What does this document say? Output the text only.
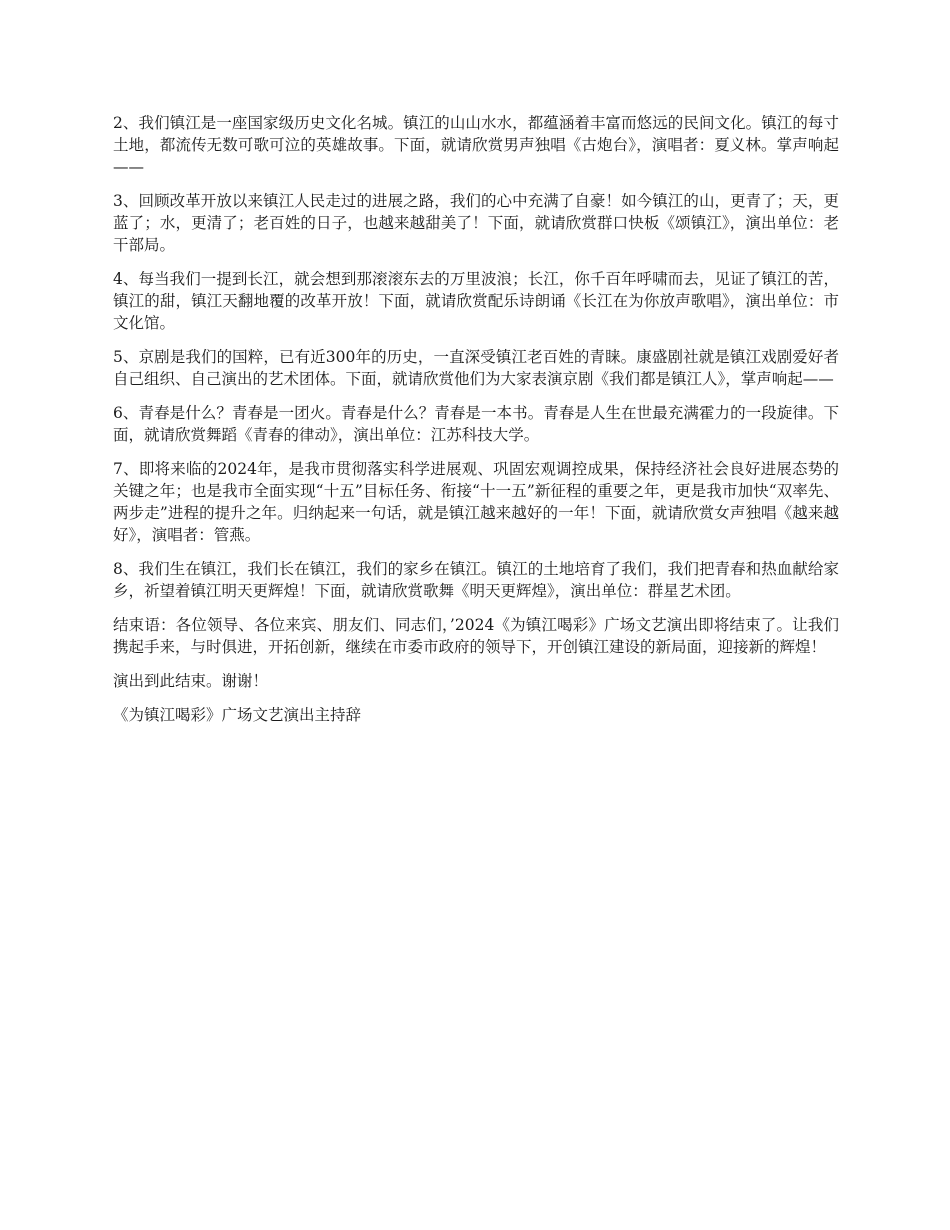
2、我们镇江是一座国家级历史文化名城。镇江的山山水水，都蕴涵着丰富而悠远的民间文化。镇江的每寸土地，都流传无数可歌可泣的英雄故事。下面，就请欣赏男声独唱《古炮台》，演唱者：夏义林。掌声响起——

3、回顾改革开放以来镇江人民走过的进展之路，我们的心中充满了自豪！如今镇江的山，更青了；天，更蓝了；水，更清了；老百姓的日子，也越来越甜美了！下面，就请欣赏群口快板《颂镇江》，演出单位：老干部局。

4、每当我们一提到长江，就会想到那滚滚东去的万里波浪；长江，你千百年呼啸而去，见证了镇江的苦，镇江的甜，镇江天翻地覆的改革开放！下面，就请欣赏配乐诗朗诵《长江在为你放声歌唱》，演出单位：市文化馆。

5、京剧是我们的国粹，已有近300年的历史，一直深受镇江老百姓的青睐。康盛剧社就是镇江戏剧爱好者自己组织、自己演出的艺术团体。下面，就请欣赏他们为大家表演京剧《我们都是镇江人》，掌声响起——

6、青春是什么？青春是一团火。青春是什么？青春是一本书。青春是人生在世最充满霍力的一段旋律。下面，就请欣赏舞蹈《青春的律动》，演出单位：江苏科技大学。

7、即将来临的2024年，是我市贯彻落实科学进展观、巩固宏观调控成果，保持经济社会良好进展态势的关键之年；也是我市全面实现“十五”目标任务、衔接“十一五”新征程的重要之年，更是我市加快“双率先、两步走”进程的提升之年。归纳起来一句话，就是镇江越来越好的一年！下面，就请欣赏女声独唱《越来越好》，演唱者：管燕。

8、我们生在镇江，我们长在镇江，我们的家乡在镇江。镇江的土地培育了我们，我们把青春和热血献给家乡，祈望着镇江明天更辉煌！下面，就请欣赏歌舞《明天更辉煌》，演出单位：群星艺术团。

结束语：各位领导、各位来宾、朋友们、同志们，’2024《为镇江喝彩》广场文艺演出即将结束了。让我们携起手来，与时俱进，开拓创新，继续在市委市政府的领导下，开创镇江建设的新局面，迎接新的辉煌！

演出到此结束。谢谢！

《为镇江喝彩》广场文艺演出主持辞
